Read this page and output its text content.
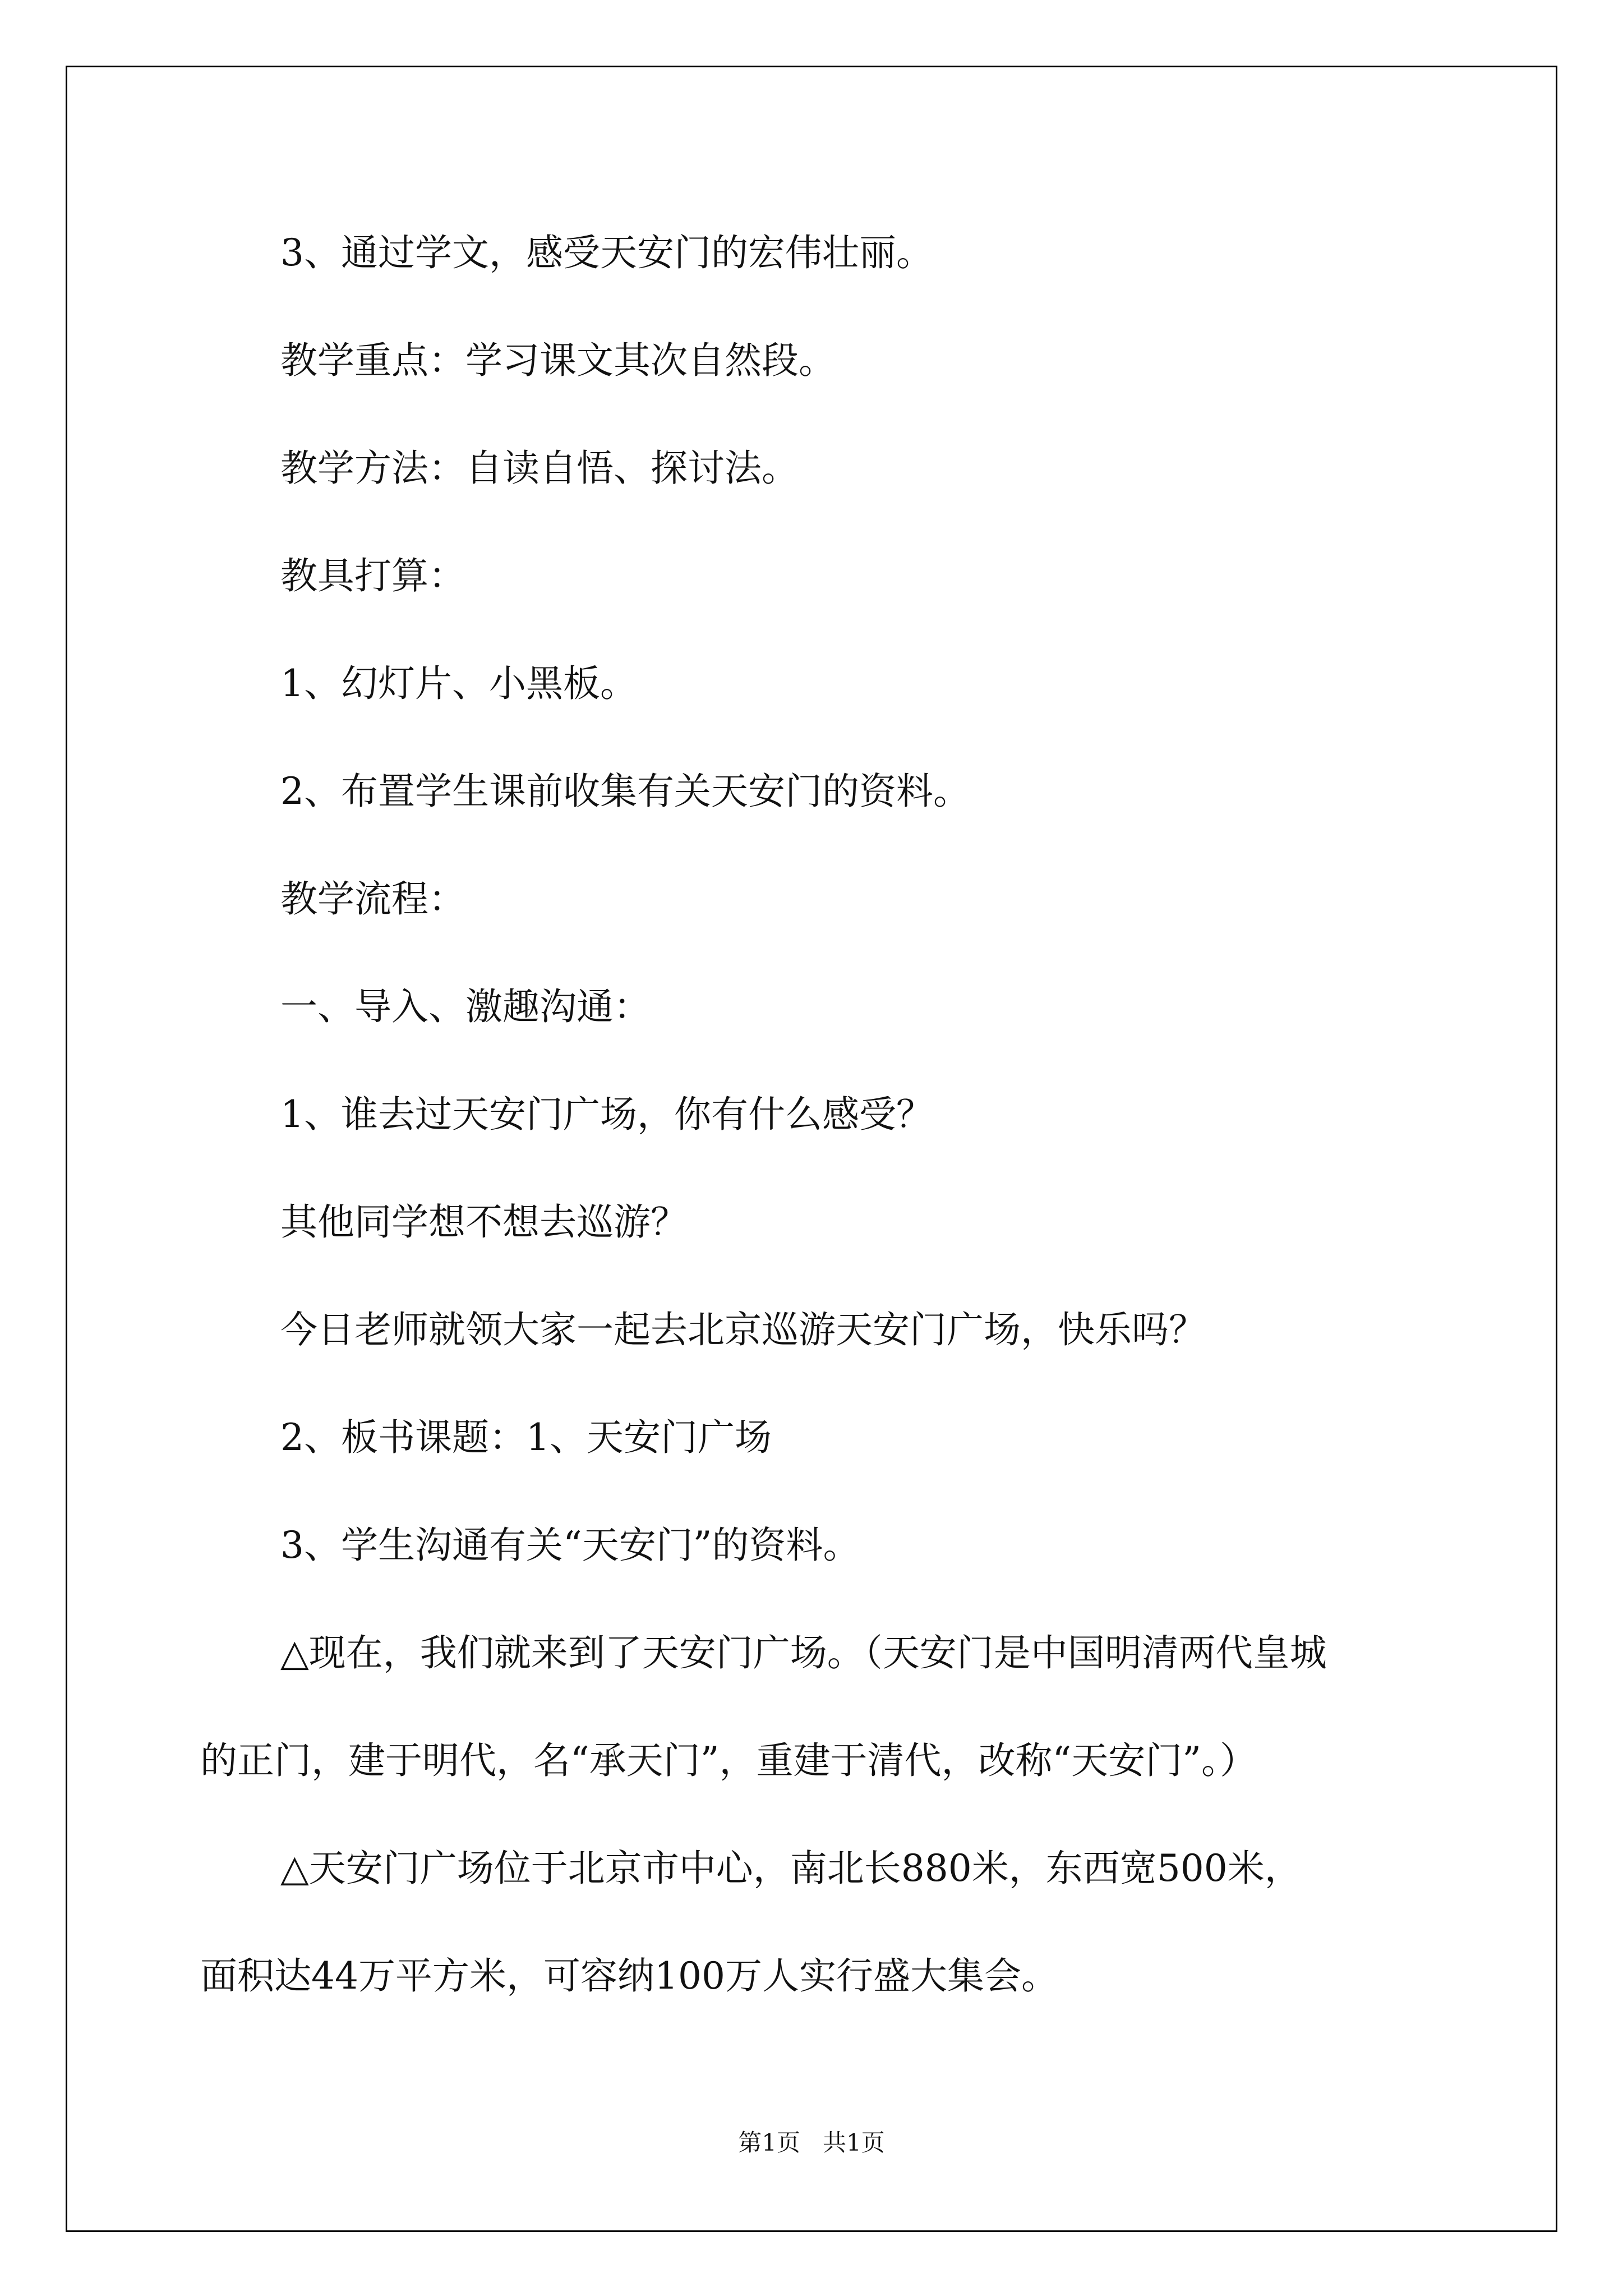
3、通过学文，感受天安门的宏伟壮丽。

教学重点：学习课文其次自然段。

教学方法：自读自悟、探讨法。

教具打算：

1、幻灯片、小黑板。

2、布置学生课前收集有关天安门的资料。

教学流程：

一、导入、激趣沟通：

1、谁去过天安门广场，你有什么感受？

其他同学想不想去巡游？

今日老师就领大家一起去北京巡游天安门广场，快乐吗？

2、板书课题：1、天安门广场

3、学生沟通有关“天安门”的资料。

△现在，我们就来到了天安门广场。（天安门是中国明清两代皇城

的正门，建于明代，名“承天门”，重建于清代，改称“天安门”。）

△天安门广场位于北京市中心，南北长880米，东西宽500米，

面积达44万平方米，可容纳100万人实行盛大集会。

第1页   共1页
